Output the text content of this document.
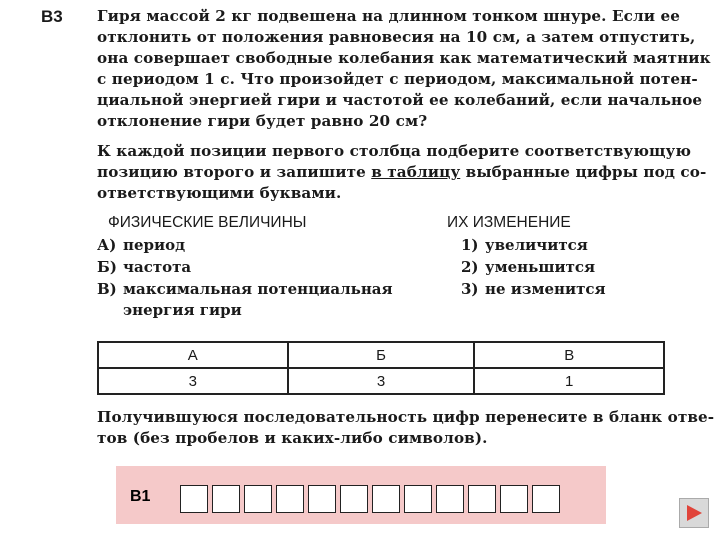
В3 Гиря массой 2 кг подвешена на длинном тонком шнуре. Если ее
отклонить от положения равновесия на 10 см, а затем отпустить,
она совершает свободные колебания как математический маятник
с периодом 1 с. Что произойдет с периодом, максимальной потен-
циальной энергией гири и частотой ее колебаний, если начальное
отклонение гири будет равно 20 см?
К каждой позиции первого столбца подберите соответствующую
позицию второго и запишите в таблицу выбранные цифры под со-
ответствующими буквами.
ФИЗИЧЕСКИЕ ВЕЛИЧИНЫ	ИХ ИЗМЕНЕНИЕ
А) период
Б) частота
В) максимальная потенциальная
энергия гири
1) увеличится
2) уменьшится
3) не изменится
А	Б	В
3	3	1
Получившуюся последовательность цифр перенесите в бланк отве-
тов (без пробелов и каких-либо символов).
В1
